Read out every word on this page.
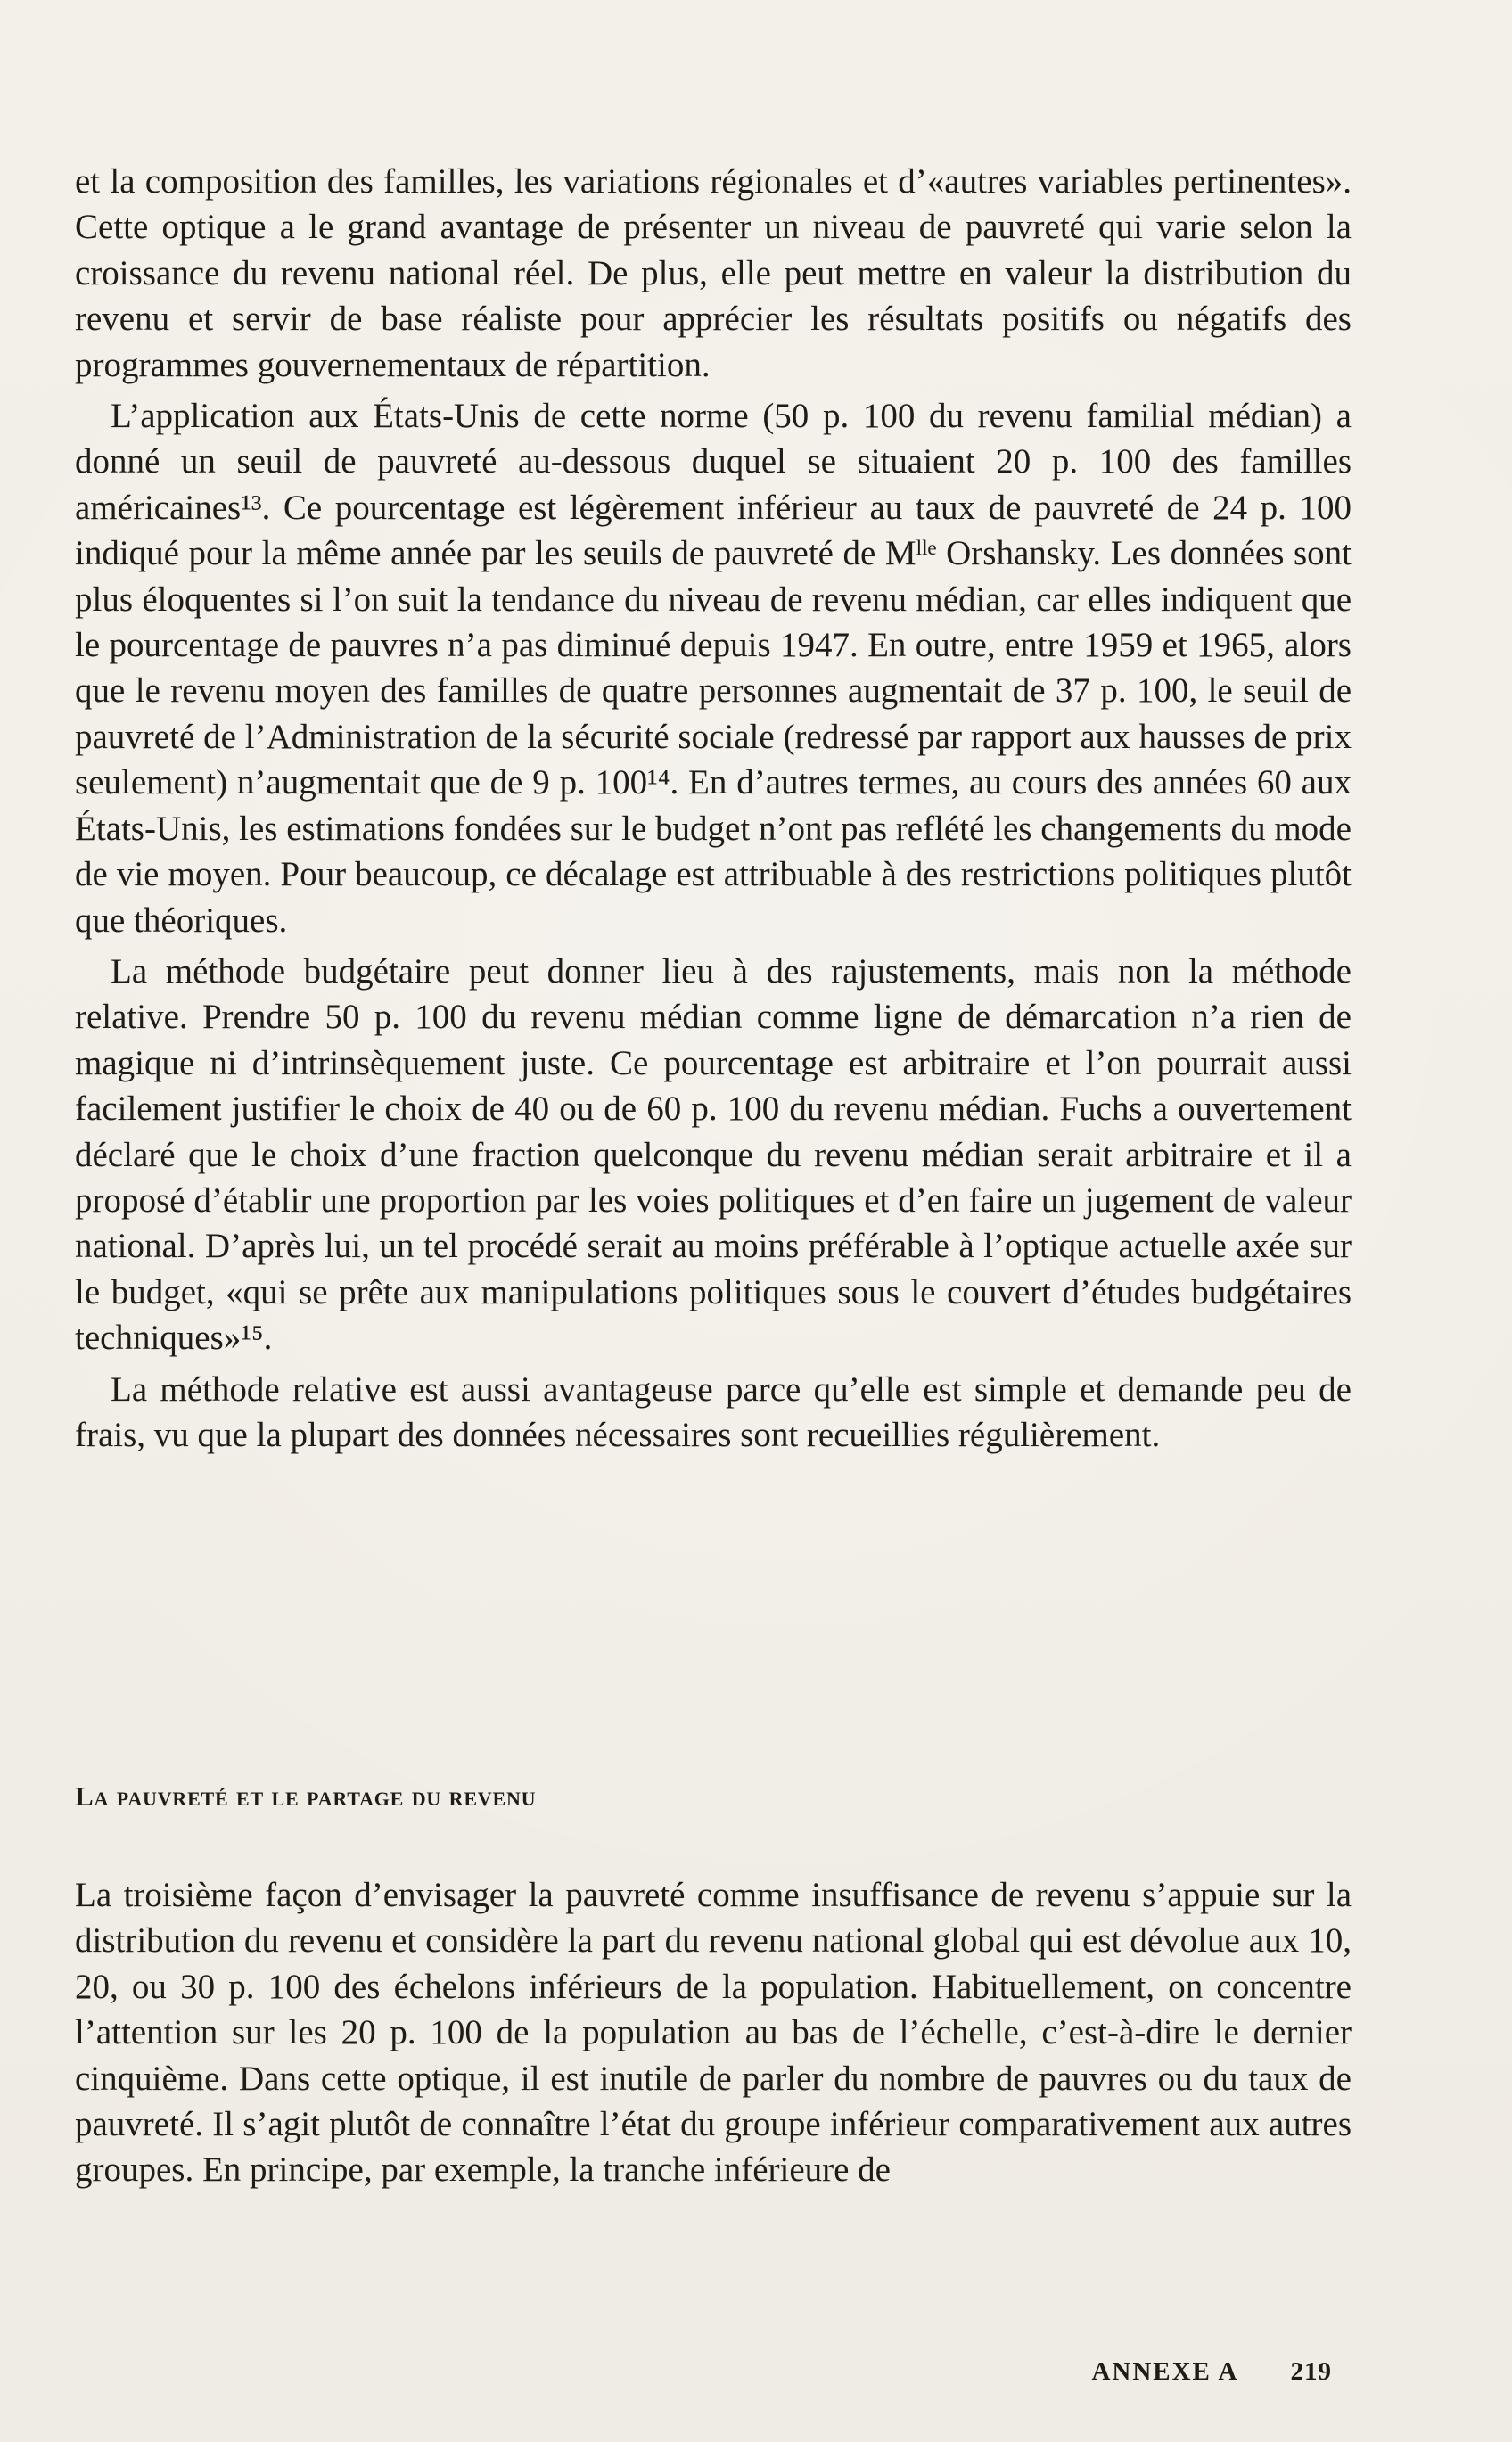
et la composition des familles, les variations régionales et d’«autres variables pertinentes». Cette optique a le grand avantage de présenter un niveau de pauvreté qui varie selon la croissance du revenu national réel. De plus, elle peut mettre en valeur la distribution du revenu et servir de base réaliste pour apprécier les résultats positifs ou négatifs des programmes gouvernementaux de répartition.

L’application aux États-Unis de cette norme (50 p. 100 du revenu familial médian) a donné un seuil de pauvreté au-dessous duquel se situaient 20 p. 100 des familles américaines¹³. Ce pourcentage est légèrement inférieur au taux de pauvreté de 24 p. 100 indiqué pour la même année par les seuils de pauvreté de Mˡˡᵉ Orshansky. Les données sont plus éloquentes si l’on suit la tendance du niveau de revenu médian, car elles indiquent que le pourcentage de pauvres n’a pas diminué depuis 1947. En outre, entre 1959 et 1965, alors que le revenu moyen des familles de quatre personnes augmentait de 37 p. 100, le seuil de pauvreté de l’Administration de la sécurité sociale (redressé par rapport aux hausses de prix seulement) n’augmentait que de 9 p. 100¹⁴. En d’autres termes, au cours des années 60 aux États-Unis, les estimations fondées sur le budget n’ont pas reflété les changements du mode de vie moyen. Pour beaucoup, ce décalage est attribuable à des restrictions politiques plutôt que théoriques.

La méthode budgétaire peut donner lieu à des rajustements, mais non la méthode relative. Prendre 50 p. 100 du revenu médian comme ligne de démarcation n’a rien de magique ni d’intrinsèquement juste. Ce pourcentage est arbitraire et l’on pourrait aussi facilement justifier le choix de 40 ou de 60 p. 100 du revenu médian. Fuchs a ouvertement déclaré que le choix d’une fraction quelconque du revenu médian serait arbitraire et il a proposé d’établir une proportion par les voies politiques et d’en faire un jugement de valeur national. D’après lui, un tel procédé serait au moins préférable à l’optique actuelle axée sur le budget, «qui se prête aux manipulations politiques sous le couvert d’études budgétaires techniques»¹⁵.

La méthode relative est aussi avantageuse parce qu’elle est simple et demande peu de frais, vu que la plupart des données nécessaires sont recueillies régulièrement.

La pauvreté et le partage du revenu

La troisième façon d’envisager la pauvreté comme insuffisance de revenu s’appuie sur la distribution du revenu et considère la part du revenu national global qui est dévolue aux 10, 20, ou 30 p. 100 des échelons inférieurs de la population. Habituellement, on concentre l’attention sur les 20 p. 100 de la population au bas de l’échelle, c’est-à-dire le dernier cinquième. Dans cette optique, il est inutile de parler du nombre de pauvres ou du taux de pauvreté. Il s’agit plutôt de connaître l’état du groupe inférieur comparativement aux autres groupes. En principe, par exemple, la tranche inférieure de

ANNEXE A 219
